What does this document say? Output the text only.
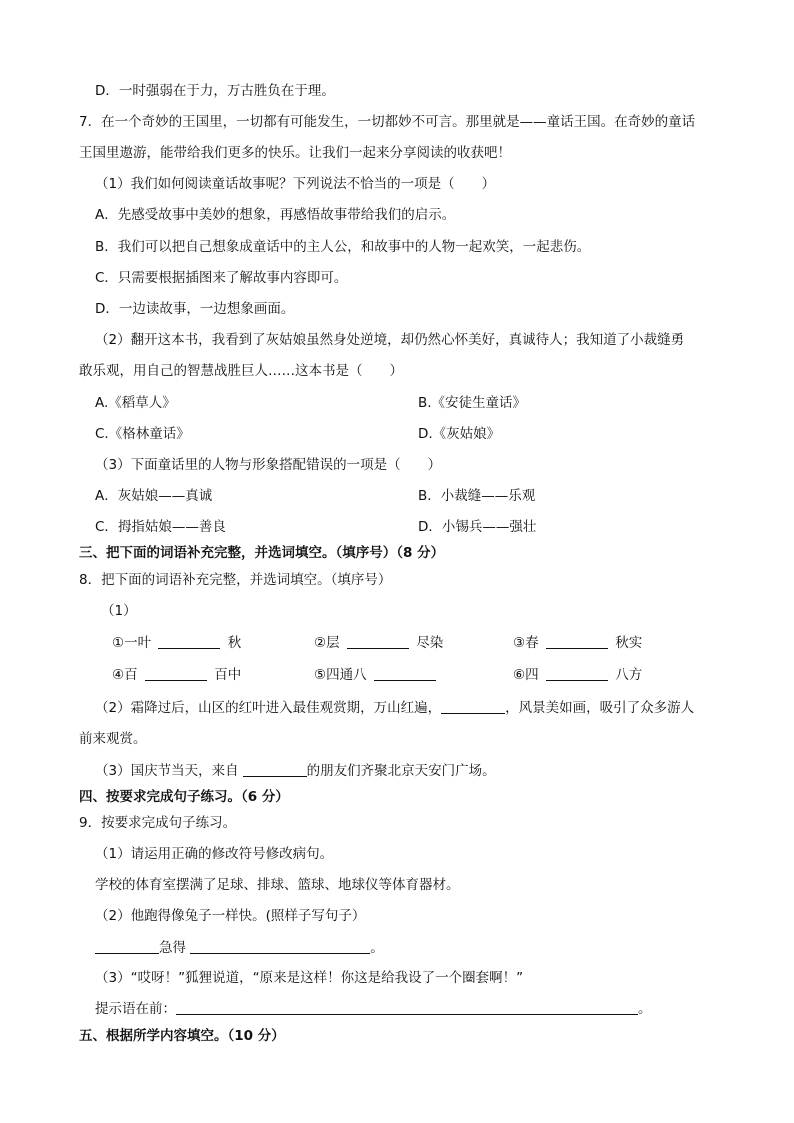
D．一时强弱在于力，万古胜负在于理。
7．在一个奇妙的王国里，一切都有可能发生，一切都妙不可言。那里就是——童话王国。在奇妙的童话
王国里遨游，能带给我们更多的快乐。让我们一起来分享阅读的收获吧！
（1）我们如何阅读童话故事呢？下列说法不恰当的一项是（　　）
A．先感受故事中美妙的想象，再感悟故事带给我们的启示。
B．我们可以把自己想象成童话中的主人公，和故事中的人物一起欢笑，一起悲伤。
C．只需要根据插图来了解故事内容即可。
D．一边读故事，一边想象画面。
（2）翻开这本书，我看到了灰姑娘虽然身处逆境，却仍然心怀美好，真诚待人；我知道了小裁缝勇
敢乐观，用自己的智慧战胜巨人……这本书是（　　）
A.《稻草人》	B.《安徒生童话》
C.《格林童话》	D.《灰姑娘》
（3）下面童话里的人物与形象搭配错误的一项是（　　）
A．灰姑娘——真诚	B．小裁缝——乐观
C．拇指姑娘——善良	D．小锡兵——强壮
三、把下面的词语补充完整，并选词填空。（填序号）（8 分）
8．把下面的词语补充完整，并选词填空。（填序号）
（1）
①一叶	秋	②层	尽染	③春	秋实
④百	百中	⑤四通八	⑥四	八方
（2）霜降过后，山区的红叶进入最佳观赏期，万山红遍，	，风景美如画，吸引了众多游人
前来观赏。
（3）国庆节当天，来自	的朋友们齐聚北京天安门广场。
四、按要求完成句子练习。（6 分）
9．按要求完成句子练习。
（1）请运用正确的修改符号修改病句。
学校的体育室摆满了足球、排球、篮球、地球仪等体育器材。
（2）他跑得像兔子一样快。(照样子写句子）
急得	。
（3）“哎呀！”狐狸说道，“原来是这样！你这是给我设了一个圈套啊！”
提示语在前：	。
五、根据所学内容填空。（10 分）
